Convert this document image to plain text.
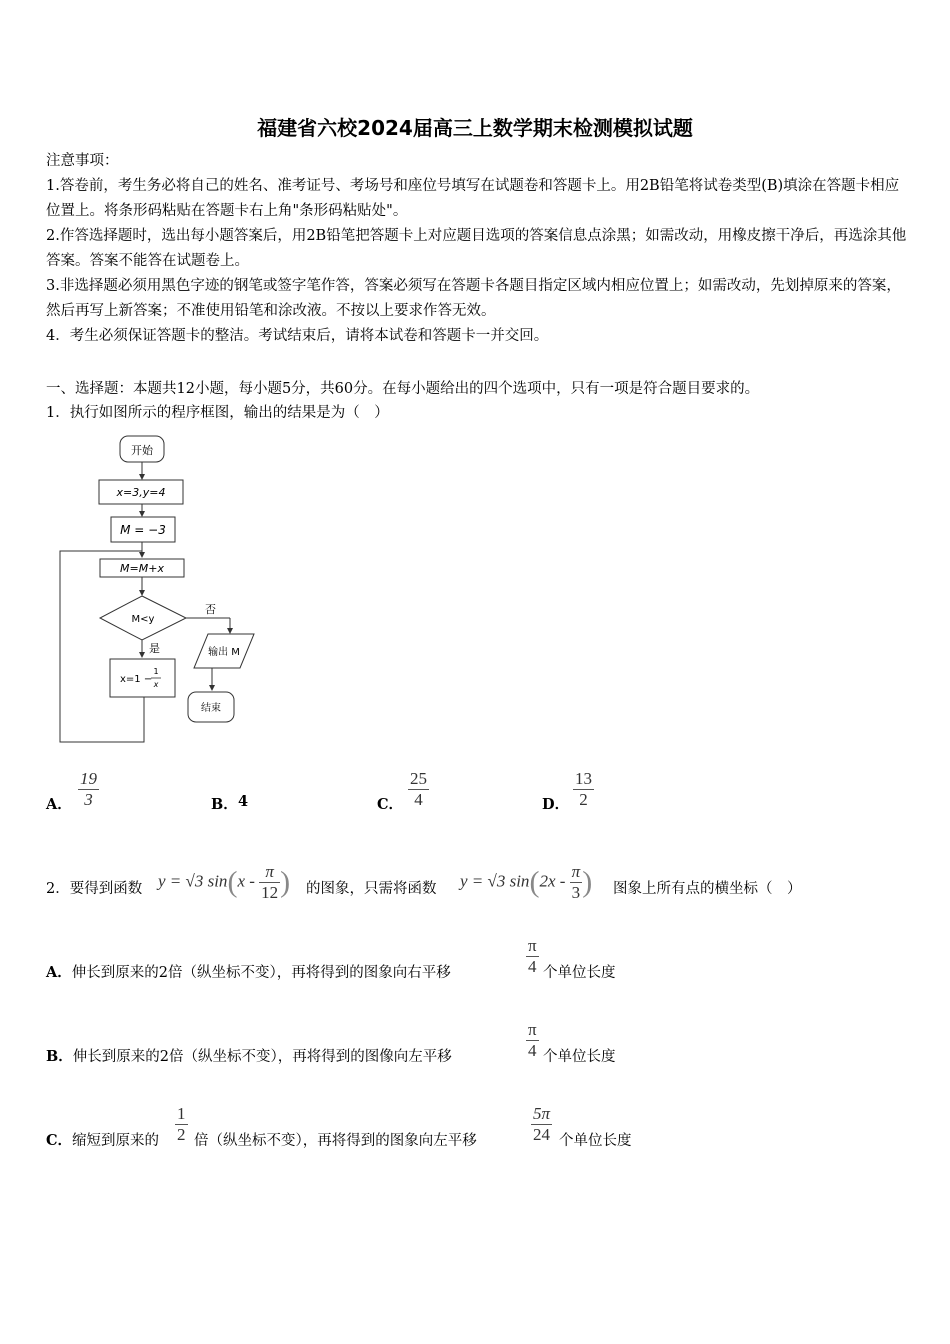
福建省六校2024届高三上数学期末检测模拟试题
注意事项：
1.答卷前，考生务必将自己的姓名、准考证号、考场号和座位号填写在试题卷和答题卡上。用2B铅笔将试卷类型(B)填涂在答题卡相应位置上。将条形码粘贴在答题卡右上角"条形码粘贴处"。
2.作答选择题时，选出每小题答案后，用2B铅笔把答题卡上对应题目选项的答案信息点涂黑；如需改动，用橡皮擦干净后，再选涂其他答案。答案不能答在试题卷上。
3.非选择题必须用黑色字迹的钢笔或签字笔作答，答案必须写在答题卡各题目指定区域内相应位置上；如需改动，先划掉原来的答案，然后再写上新答案；不准使用铅笔和涂改液。不按以上要求作答无效。
4．考生必须保证答题卡的整洁。考试结束后，请将本试卷和答题卡一并交回。
一、选择题：本题共12小题，每小题5分，共60分。在每小题给出的四个选项中，只有一项是符合题目要求的。
1．执行如图所示的程序框图，输出的结果是为（　）
开始
x=3,y=4
M = −3
M=M+x
M<y
否
是	输出 M
结束
x=1 −
1
x
A． $\frac{19}{3}$	B． 4	C． $\frac{25}{4}$	D． $\frac{13}{2}$
2．要得到函数 y = √3 $\sin(x - \frac{\pi}{12}$ ) 的图象，只需将函数 y = √3 $\sin(2x - \frac{\pi}{3}$ ) 图象上所有点的横坐标（　）
A．伸长到原来的2倍（纵坐标不变），再将得到的图象向右平移	$\frac{\pi}{4}$ 个单位长度
B．伸长到原来的2倍（纵坐标不变），再将得到的图像向左平移	$\frac{\pi}{4}$ 个单位长度
C．缩短到原来的 $\frac{1}{2}$ 倍（纵坐标不变），再将得到的图象向左平移	$\frac{5\pi}{24}$ 个单位长度
